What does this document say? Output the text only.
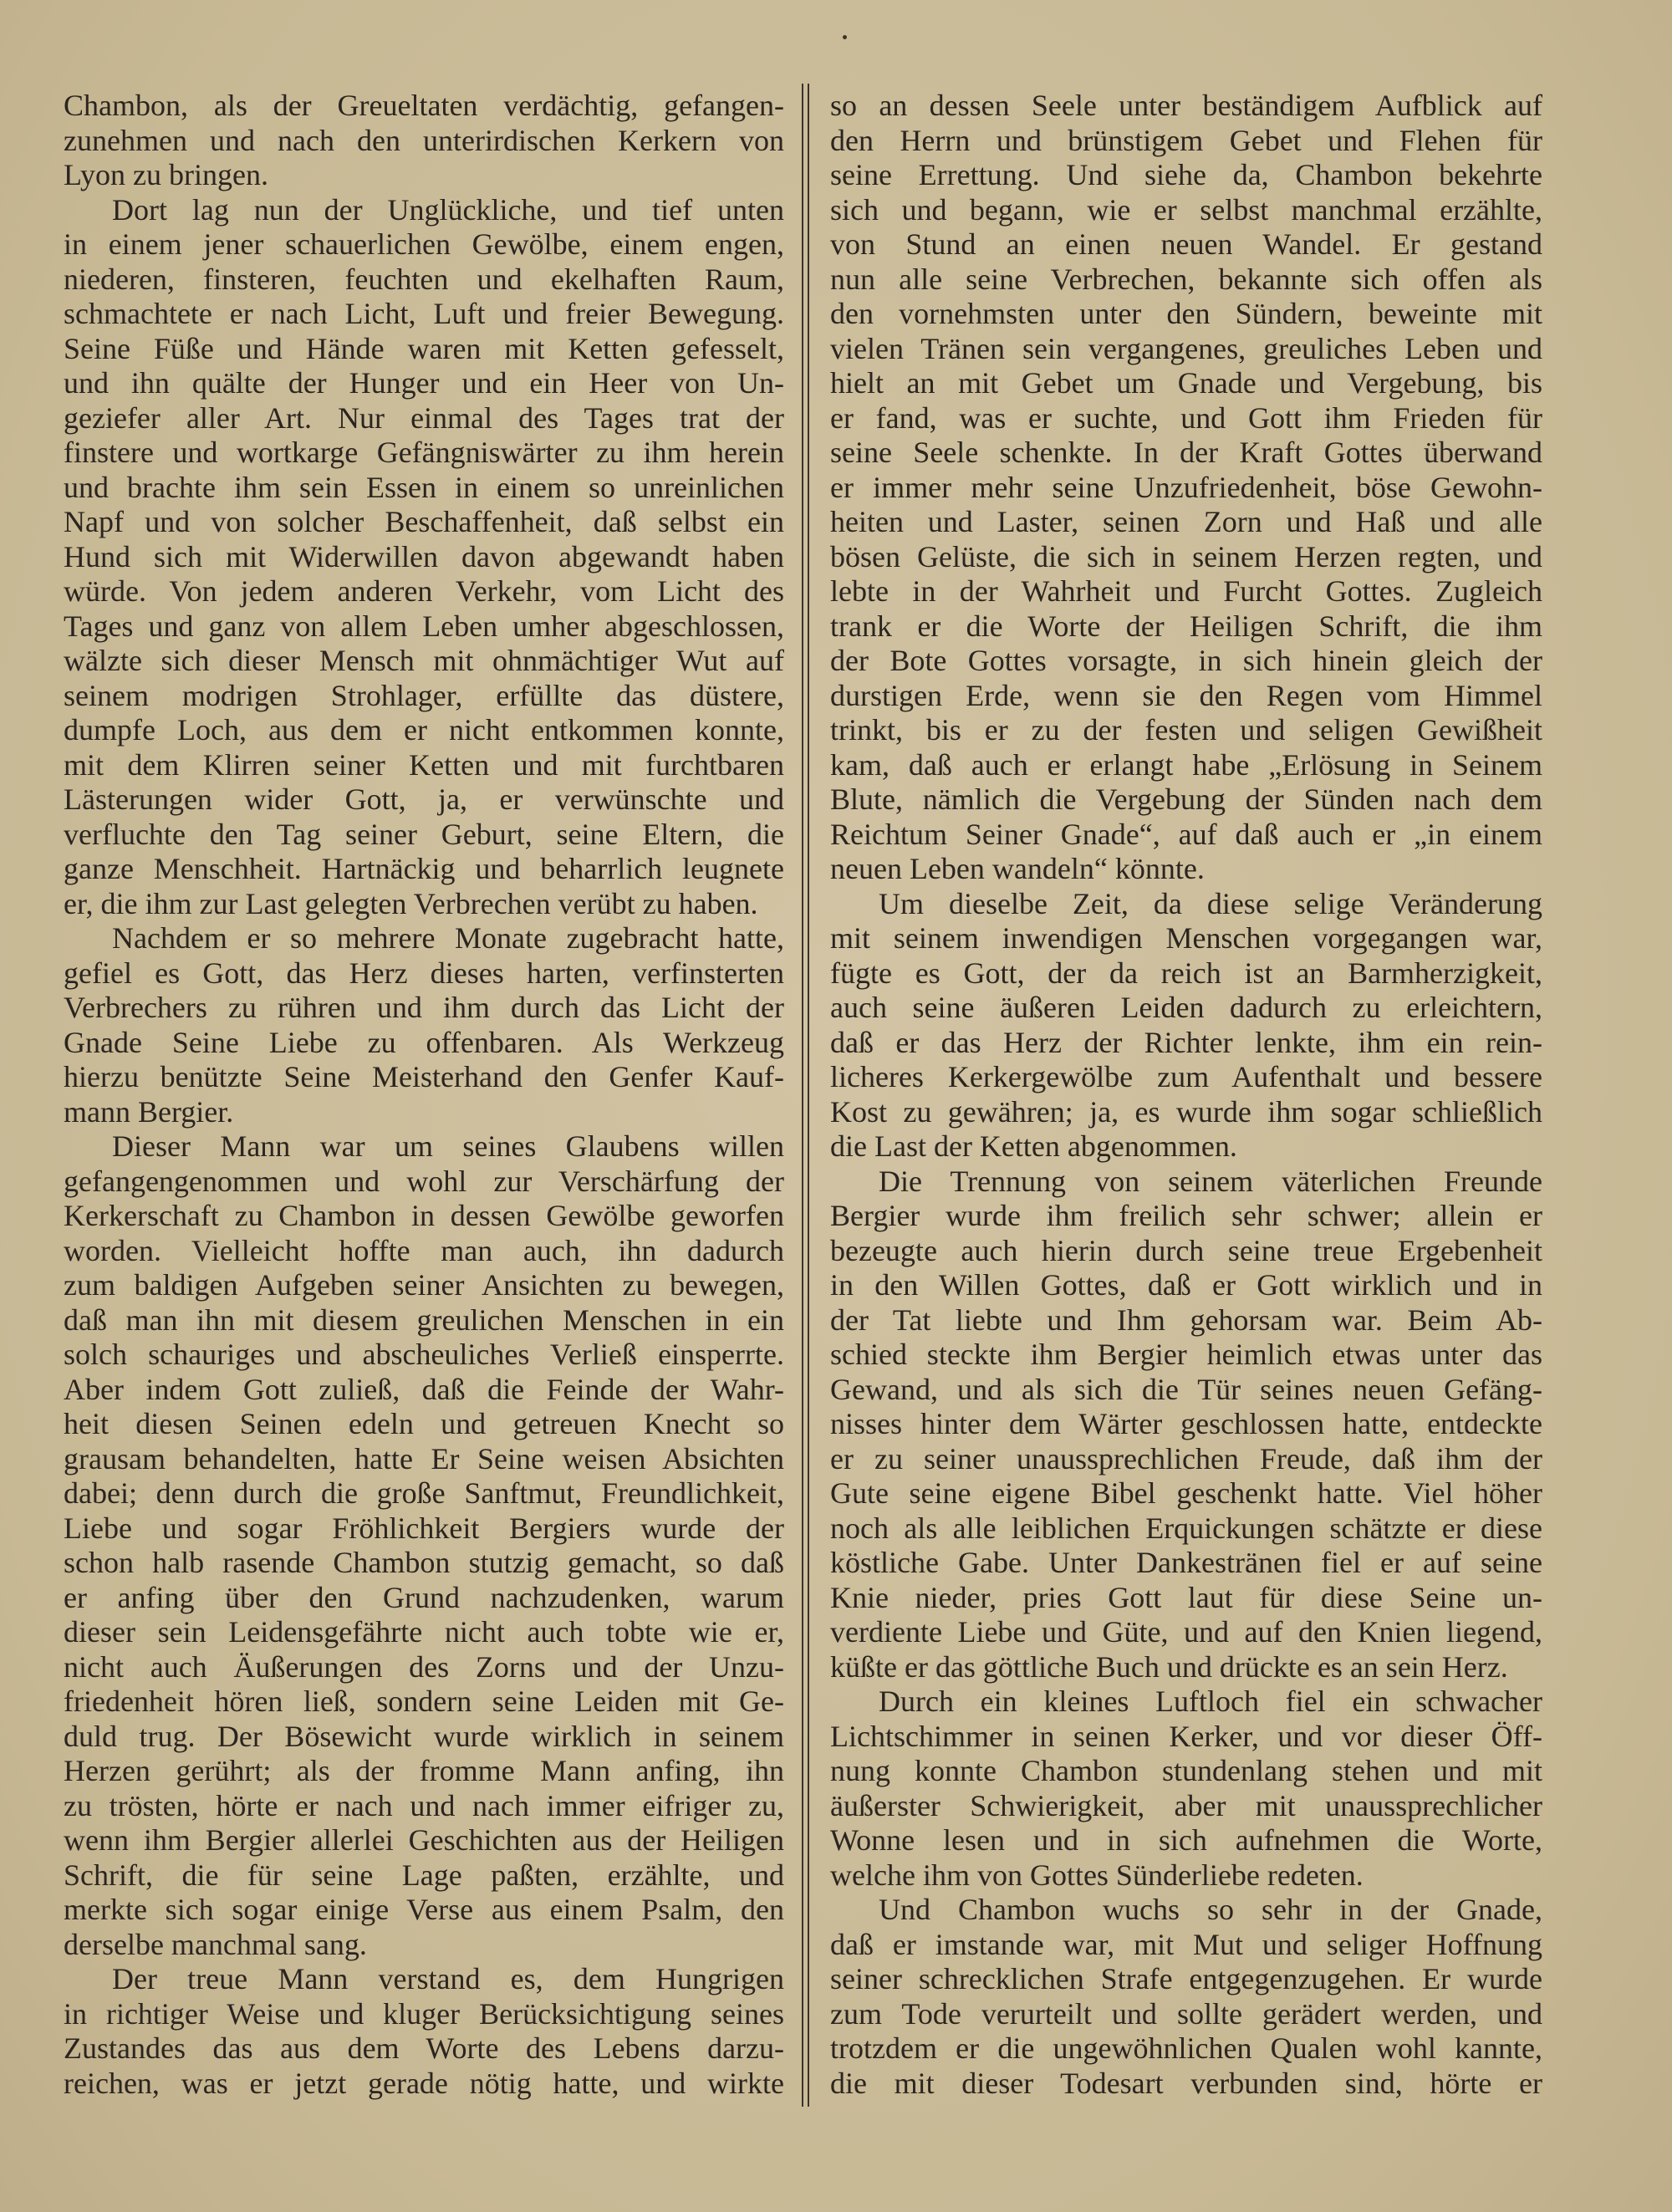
Chambon, als der Greueltaten verdächtig, gefangen-
zunehmen und nach den unterirdischen Kerkern von
Lyon zu bringen.
Dort lag nun der Unglückliche, und tief unten
in einem jener schauerlichen Gewölbe, einem engen,
niederen, finsteren, feuchten und ekelhaften Raum,
schmachtete er nach Licht, Luft und freier Bewegung.
Seine Füße und Hände waren mit Ketten gefesselt,
und ihn quälte der Hunger und ein Heer von Un-
geziefer aller Art. Nur einmal des Tages trat der
finstere und wortkarge Gefängniswärter zu ihm herein
und brachte ihm sein Essen in einem so unreinlichen
Napf und von solcher Beschaffenheit, daß selbst ein
Hund sich mit Widerwillen davon abgewandt haben
würde. Von jedem anderen Verkehr, vom Licht des
Tages und ganz von allem Leben umher abgeschlossen,
wälzte sich dieser Mensch mit ohnmächtiger Wut auf
seinem modrigen Strohlager, erfüllte das düstere,
dumpfe Loch, aus dem er nicht entkommen konnte,
mit dem Klirren seiner Ketten und mit furchtbaren
Lästerungen wider Gott, ja, er verwünschte und
verfluchte den Tag seiner Geburt, seine Eltern, die
ganze Menschheit. Hartnäckig und beharrlich leugnete
er, die ihm zur Last gelegten Verbrechen verübt zu haben.
Nachdem er so mehrere Monate zugebracht hatte,
gefiel es Gott, das Herz dieses harten, verfinsterten
Verbrechers zu rühren und ihm durch das Licht der
Gnade Seine Liebe zu offenbaren. Als Werkzeug
hierzu benützte Seine Meisterhand den Genfer Kauf-
mann Bergier.
Dieser Mann war um seines Glaubens willen
gefangengenommen und wohl zur Verschärfung der
Kerkerschaft zu Chambon in dessen Gewölbe geworfen
worden. Vielleicht hoffte man auch, ihn dadurch
zum baldigen Aufgeben seiner Ansichten zu bewegen,
daß man ihn mit diesem greulichen Menschen in ein
solch schauriges und abscheuliches Verließ einsperrte.
Aber indem Gott zuließ, daß die Feinde der Wahr-
heit diesen Seinen edeln und getreuen Knecht so
grausam behandelten, hatte Er Seine weisen Absichten
dabei; denn durch die große Sanftmut, Freundlichkeit,
Liebe und sogar Fröhlichkeit Bergiers wurde der
schon halb rasende Chambon stutzig gemacht, so daß
er anfing über den Grund nachzudenken, warum
dieser sein Leidensgefährte nicht auch tobte wie er,
nicht auch Äußerungen des Zorns und der Unzu-
friedenheit hören ließ, sondern seine Leiden mit Ge-
duld trug. Der Bösewicht wurde wirklich in seinem
Herzen gerührt; als der fromme Mann anfing, ihn
zu trösten, hörte er nach und nach immer eifriger zu,
wenn ihm Bergier allerlei Geschichten aus der Heiligen
Schrift, die für seine Lage paßten, erzählte, und
merkte sich sogar einige Verse aus einem Psalm, den
derselbe manchmal sang.
Der treue Mann verstand es, dem Hungrigen
in richtiger Weise und kluger Berücksichtigung seines
Zustandes das aus dem Worte des Lebens darzu-
reichen, was er jetzt gerade nötig hatte, und wirkte
so an dessen Seele unter beständigem Aufblick auf
den Herrn und brünstigem Gebet und Flehen für
seine Errettung. Und siehe da, Chambon bekehrte
sich und begann, wie er selbst manchmal erzählte,
von Stund an einen neuen Wandel. Er gestand
nun alle seine Verbrechen, bekannte sich offen als
den vornehmsten unter den Sündern, beweinte mit
vielen Tränen sein vergangenes, greuliches Leben und
hielt an mit Gebet um Gnade und Vergebung, bis
er fand, was er suchte, und Gott ihm Frieden für
seine Seele schenkte. In der Kraft Gottes überwand
er immer mehr seine Unzufriedenheit, böse Gewohn-
heiten und Laster, seinen Zorn und Haß und alle
bösen Gelüste, die sich in seinem Herzen regten, und
lebte in der Wahrheit und Furcht Gottes. Zugleich
trank er die Worte der Heiligen Schrift, die ihm
der Bote Gottes vorsagte, in sich hinein gleich der
durstigen Erde, wenn sie den Regen vom Himmel
trinkt, bis er zu der festen und seligen Gewißheit
kam, daß auch er erlangt habe „Erlösung in Seinem
Blute, nämlich die Vergebung der Sünden nach dem
Reichtum Seiner Gnade“, auf daß auch er „in einem
neuen Leben wandeln“ könnte.
Um dieselbe Zeit, da diese selige Veränderung
mit seinem inwendigen Menschen vorgegangen war,
fügte es Gott, der da reich ist an Barmherzigkeit,
auch seine äußeren Leiden dadurch zu erleichtern,
daß er das Herz der Richter lenkte, ihm ein rein-
licheres Kerkergewölbe zum Aufenthalt und bessere
Kost zu gewähren; ja, es wurde ihm sogar schließlich
die Last der Ketten abgenommen.
Die Trennung von seinem väterlichen Freunde
Bergier wurde ihm freilich sehr schwer; allein er
bezeugte auch hierin durch seine treue Ergebenheit
in den Willen Gottes, daß er Gott wirklich und in
der Tat liebte und Ihm gehorsam war. Beim Ab-
schied steckte ihm Bergier heimlich etwas unter das
Gewand, und als sich die Tür seines neuen Gefäng-
nisses hinter dem Wärter geschlossen hatte, entdeckte
er zu seiner unaussprechlichen Freude, daß ihm der
Gute seine eigene Bibel geschenkt hatte. Viel höher
noch als alle leiblichen Erquickungen schätzte er diese
köstliche Gabe. Unter Dankestränen fiel er auf seine
Knie nieder, pries Gott laut für diese Seine un-
verdiente Liebe und Güte, und auf den Knien liegend,
küßte er das göttliche Buch und drückte es an sein Herz.
Durch ein kleines Luftloch fiel ein schwacher
Lichtschimmer in seinen Kerker, und vor dieser Öff-
nung konnte Chambon stundenlang stehen und mit
äußerster Schwierigkeit, aber mit unaussprechlicher
Wonne lesen und in sich aufnehmen die Worte,
welche ihm von Gottes Sünderliebe redeten.
Und Chambon wuchs so sehr in der Gnade,
daß er imstande war, mit Mut und seliger Hoffnung
seiner schrecklichen Strafe entgegenzugehen. Er wurde
zum Tode verurteilt und sollte gerädert werden, und
trotzdem er die ungewöhnlichen Qualen wohl kannte,
die mit dieser Todesart verbunden sind, hörte er
